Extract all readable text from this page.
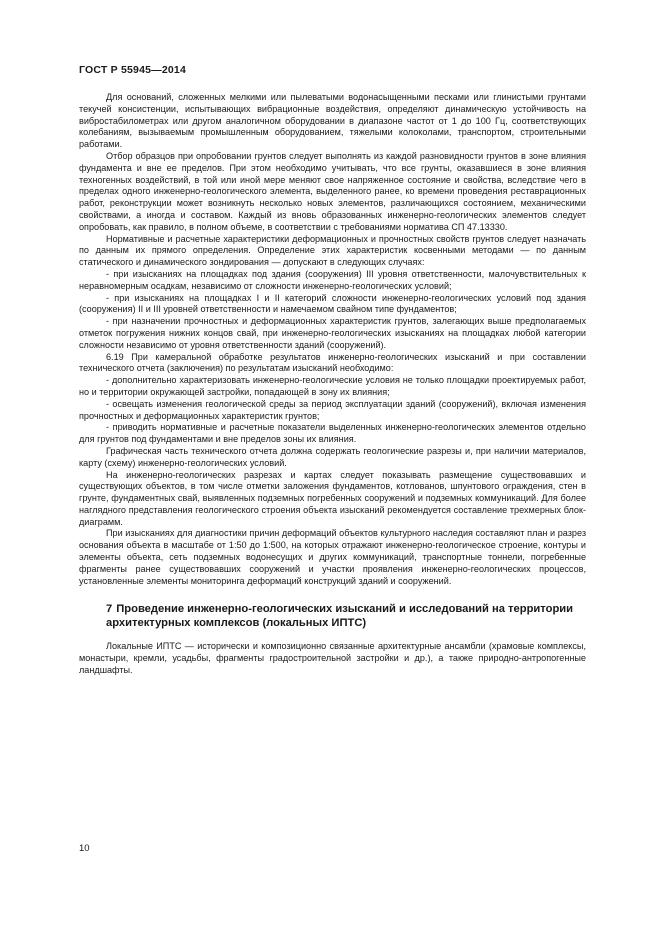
ГОСТ Р 55945—2014

Для оснований, сложенных мелкими или пылеватыми водонасыщенными песками или глинистыми грунтами текучей консистенции, испытывающих вибрационные воздействия, определяют динамическую устойчивость на вибростабилометрах или другом аналогичном оборудовании в диапазоне частот от 1 до 100 Гц, соответствующих колебаниям, вызываемым промышленным оборудованием, тяжелыми колоколами, транспортом, строительными работами.

Отбор образцов при опробовании грунтов следует выполнять из каждой разновидности грунтов в зоне влияния фундамента и вне ее пределов. При этом необходимо учитывать, что все грунты, оказавшиеся в зоне влияния техногенных воздействий, в той или иной мере меняют свое напряженное состояние и свойства, вследствие чего в пределах одного инженерно-геологического элемента, выделенного ранее, ко времени проведения реставрационных работ, реконструкции может возникнуть несколько новых элементов, различающихся состоянием, механическими свойствами, а иногда и составом. Каждый из вновь образованных инженерно-геологических элементов следует опробовать, как правило, в полном объеме, в соответствии с требованиями норматива СП 47.13330.

Нормативные и расчетные характеристики деформационных и прочностных свойств грунтов следует назначать по данным их прямого определения. Определение этих характеристик косвенными методами — по данным статического и динамического зондирования — допускают в следующих случаях:

- при изысканиях на площадках под здания (сооружения) III уровня ответственности, малочувствительных к неравномерным осадкам, независимо от сложности инженерно-геологических условий;

- при изысканиях на площадках I и II категорий сложности инженерно-геологических условий под здания (сооружения) II и III уровней ответственности и намечаемом свайном типе фундаментов;

- при назначении прочностных и деформационных характеристик грунтов, залегающих выше предполагаемых отметок погружения нижних концов свай, при инженерно-геологических изысканиях на площадках любой категории сложности независимо от уровня ответственности зданий (сооружений).

6.19 При камеральной обработке результатов инженерно-геологических изысканий и при составлении технического отчета (заключения) по результатам изысканий необходимо:

- дополнительно характеризовать инженерно-геологические условия не только площадки проектируемых работ, но и территории окружающей застройки, попадающей в зону их влияния;

- освещать изменения геологической среды за период эксплуатации зданий (сооружений), включая изменения прочностных и деформационных характеристик грунтов;

- приводить нормативные и расчетные показатели выделенных инженерно-геологических элементов отдельно для грунтов под фундаментами и вне пределов зоны их влияния.

Графическая часть технического отчета должна содержать геологические разрезы и, при наличии материалов, карту (схему) инженерно-геологических условий.

На инженерно-геологических разрезах и картах следует показывать размещение существовавших и существующих объектов, в том числе отметки заложения фундаментов, котлованов, шпунтового ограждения, стен в грунте, фундаментных свай, выявленных подземных погребенных сооружений и подземных коммуникаций. Для более наглядного представления геологического строения объекта изысканий рекомендуется составление трехмерных блок-диаграмм.

При изысканиях для диагностики причин деформаций объектов культурного наследия составляют план и разрез основания объекта в масштабе от 1:50 до 1:500, на которых отражают инженерно-геологическое строение, контуры и элементы объекта, сеть подземных водонесущих и других коммуникаций, транспортные тоннели, погребенные фрагменты ранее существовавших сооружений и участки проявления инженерно-геологических процессов, установленные элементы мониторинга деформаций конструкций зданий и сооружений.

7 Проведение инженерно-геологических изысканий и исследований на территории архитектурных комплексов (локальных ИПТС)

Локальные ИПТС — исторически и композиционно связанные архитектурные ансамбли (храмовые комплексы, монастыри, кремли, усадьбы, фрагменты градостроительной застройки и др.), а также природно-антропогенные ландшафты.

10
